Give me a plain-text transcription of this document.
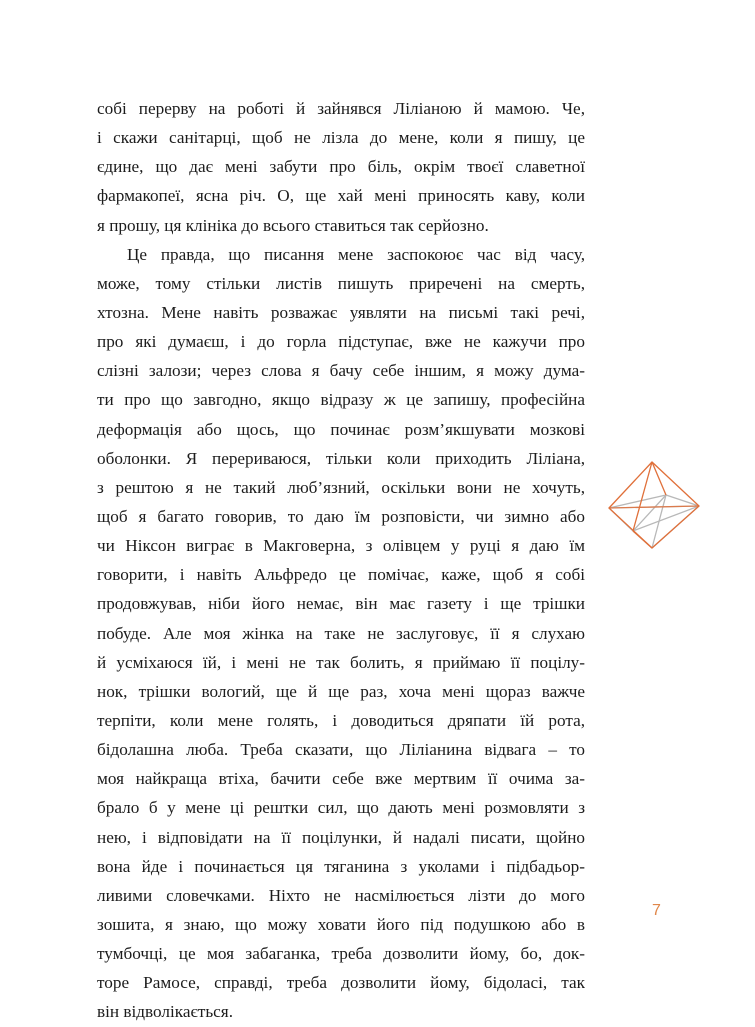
собі перерву на роботі й зайнявся Ліліаною й мамою. Че,
і скажи санітарці, щоб не лізла до мене, коли я пишу, це
єдине, що дає мені забути про біль, окрім твоєї славетної
фармакопеї, ясна річ. О, ще хай мені приносять каву, коли
я прошу, ця клініка до всього ставиться так серйозно.
Це правда, що писання мене заспокоює час від часу,
може, тому стільки листів пишуть приречені на смерть,
хтозна. Мене навіть розважає уявляти на письмі такі речі,
про які думаєш, і до горла підступає, вже не кажучи про
слізні залози; через слова я бачу себе іншим, я можу дума-
ти про що завгодно, якщо відразу ж це запишу, професійна
деформація або щось, що починає розм’якшувати мозкові
оболонки. Я перериваюся, тільки коли приходить Ліліана,
з рештою я не такий люб’язний, оскільки вони не хочуть,
щоб я багато говорив, то даю їм розповісти, чи зимно або
чи Ніксон виграє в Макговерна, з олівцем у руці я даю їм
говорити, і навіть Альфредо це помічає, каже, щоб я собі
продовжував, ніби його немає, він має газету і ще трішки
побуде. Але моя жінка на таке не заслуговує, її я слухаю
й усміхаюся їй, і мені не так болить, я приймаю її поцілу-
нок, трішки вологий, ще й ще раз, хоча мені щораз важче
терпіти, коли мене голять, і доводиться дряпати їй рота,
бідолашна люба. Треба сказати, що Ліліанина відвага – то
моя найкраща втіха, бачити себе вже мертвим її очима за-
брало б у мене ці рештки сил, що дають мені розмовляти з
нею, і відповідати на її поцілунки, й надалі писати, щойно
вона йде і починається ця тяганина з уколами і підбадьор-
ливими словечками. Ніхто не насмілюється лізти до мого
зошита, я знаю, що можу ховати його під подушкою або в
тумбочці, це моя забаганка, треба дозволити йому, бо, док-
торе Рамосе, справді, треба дозволити йому, бідоласі, так
він відволікається.
7
